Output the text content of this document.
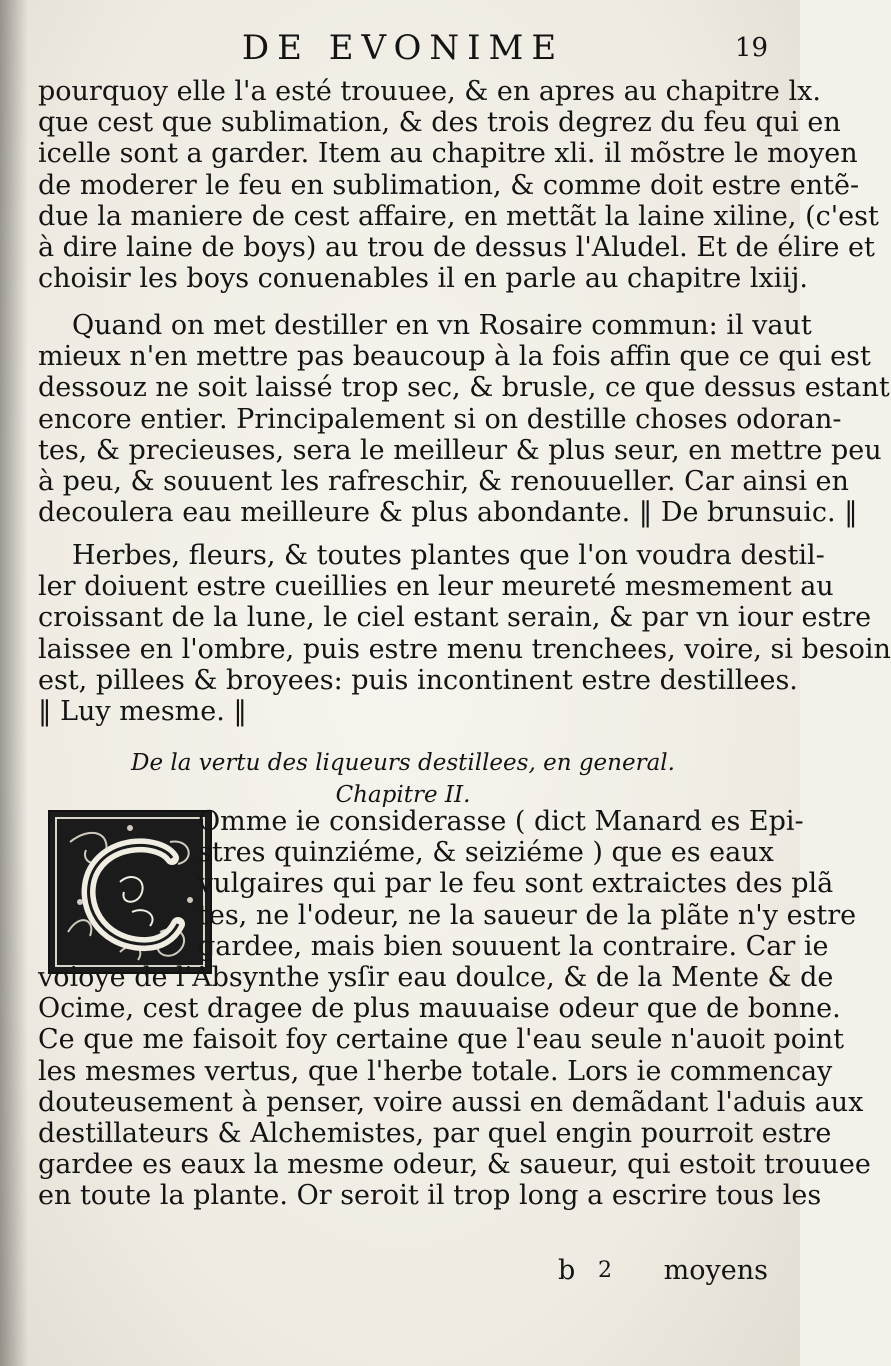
DE EVONIME	19
pourquoy elle l'a esté trouuee, & en apres au chapitre lx.
que cest que sublimation, & des trois degrez du feu qui en
icelle sont a garder. Item au chapitre xli. il mõstre le moyen
de moderer le feu en sublimation, & comme doit estre entẽ-
due la maniere de cest affaire, en mettãt la laine xiline, (c'est
à dire laine de boys) au trou de dessus l'Aludel. Et de élire et
choisir les boys conuenables il en parle au chapitre lxiij.
Quand on met destiller en vn Rosaire commun: il vaut
mieux n'en mettre pas beaucoup à la fois affin que ce qui est
dessouz ne soit laissé trop sec, & brusle, ce que dessus estant
encore entier. Principalement si on destille choses odoran-
tes, & precieuses, sera le meilleur & plus seur, en mettre peu
à peu, & souuent les rafreschir, & renouueller. Car ainsi en
decoulera eau meilleure & plus abondante. ‖ De brunsuic. ‖
Herbes, fleurs, & toutes plantes que l'on voudra destil-
ler doiuent estre cueillies en leur meureté mesmement au
croissant de la lune, le ciel estant serain, & par vn iour estre
laissee en l'ombre, puis estre menu trenchees, voire, si besoin
est, pillees & broyees: puis incontinent estre destillees.
‖ Luy mesme. ‖
De la vertu des liqueurs destillees, en general.
Chapitre II.
Omme ie considerasse ( dict Manard es Epi-
stres quinziéme, & seiziéme ) que es eaux
vulgaires qui par le feu sont extraictes des plã
tes, ne l'odeur, ne la saueur de la plãte n'y estre
gardee, mais bien souuent la contraire. Car ie
voioye de l'Absynthe ysſir eau doulce, & de la Mente & de
Ocime, cest dragee de plus mauuaise odeur que de bonne.
Ce que me faisoit foy certaine que l'eau seule n'auoit point
les mesmes vertus, que l'herbe totale. Lors ie commencay
douteusement à penser, voire aussi en demãdant l'aduis aux
destillateurs & Alchemistes, par quel engin pourroit estre
gardee es eaux la mesme odeur, & saueur, qui estoit trouuee
en toute la plante. Or seroit il trop long a escrire tous les
b 2 moyens
